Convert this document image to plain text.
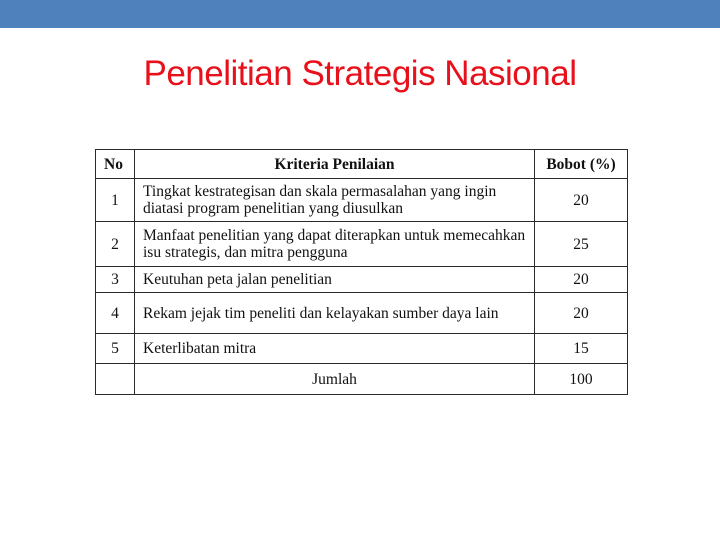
Penelitian Strategis Nasional
No	Kriteria Penilaian	Bobot (%)
1	Tingkat kestrategisan dan skala permasalahan yang ingin diatasi program penelitian yang diusulkan	20
2	Manfaat penelitian yang dapat diterapkan untuk memecahkan isu strategis, dan mitra pengguna	25
3	Keutuhan peta jalan penelitian	20
4	Rekam jejak tim peneliti dan kelayakan sumber daya lain	20
5	Keterlibatan mitra	15
	Jumlah	100
